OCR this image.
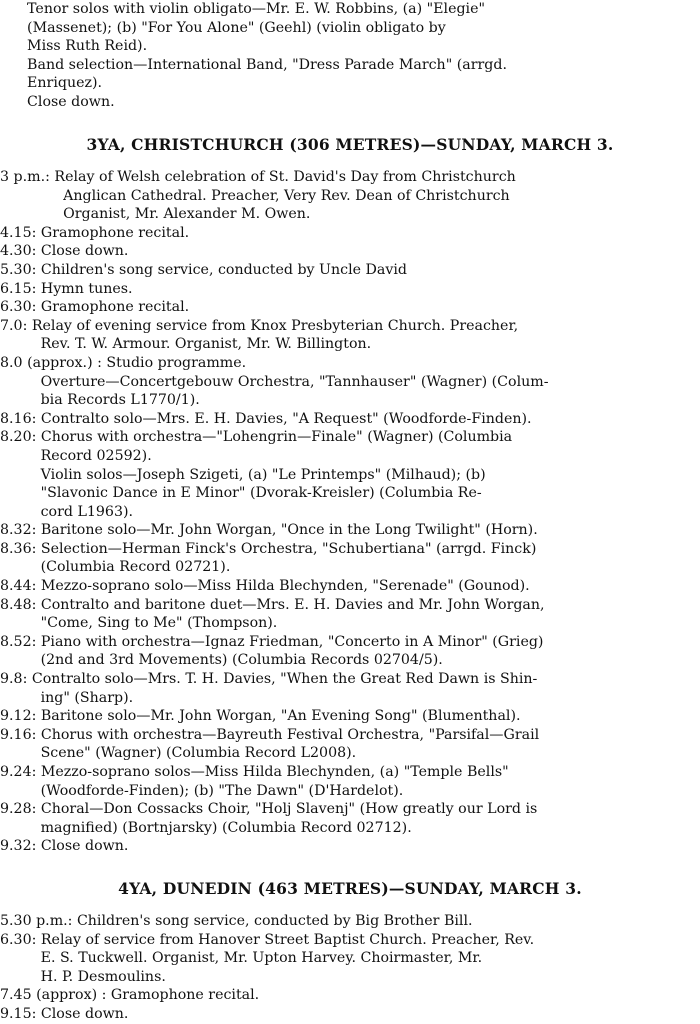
Tenor solos with violin obligato—Mr. E. W. Robbins, (a) "Elegie"
(Massenet); (b) "For You Alone" (Geehl) (violin obligato by
Miss Ruth Reid).
Band selection—International Band, "Dress Parade March" (arrgd.
Enriquez).
Close down.
3YA, CHRISTCHURCH (306 METRES)—SUNDAY, MARCH 3.
3 p.m.: Relay of Welsh celebration of St. David's Day from Christchurch
Anglican Cathedral. Preacher, Very Rev. Dean of Christchurch
Organist, Mr. Alexander M. Owen.
4.15: Gramophone recital.
4.30: Close down.
5.30: Children's song service, conducted by Uncle David
6.15: Hymn tunes.
6.30: Gramophone recital.
7.0: Relay of evening service from Knox Presbyterian Church. Preacher,
Rev. T. W. Armour. Organist, Mr. W. Billington.
8.0 (approx.) : Studio programme.
Overture—Concertgebouw Orchestra, "Tannhauser" (Wagner) (Colum-
bia Records L1770/1).
8.16: Contralto solo—Mrs. E. H. Davies, "A Request" (Woodforde-Finden).
8.20: Chorus with orchestra—"Lohengrin—Finale" (Wagner) (Columbia
Record 02592).
Violin solos—Joseph Szigeti, (a) "Le Printemps" (Milhaud); (b)
"Slavonic Dance in E Minor" (Dvorak-Kreisler) (Columbia Re-
cord L1963).
8.32: Baritone solo—Mr. John Worgan, "Once in the Long Twilight" (Horn).
8.36: Selection—Herman Finck's Orchestra, "Schubertiana" (arrgd. Finck)
(Columbia Record 02721).
8.44: Mezzo-soprano solo—Miss Hilda Blechynden, "Serenade" (Gounod).
8.48: Contralto and baritone duet—Mrs. E. H. Davies and Mr. John Worgan,
"Come, Sing to Me" (Thompson).
8.52: Piano with orchestra—Ignaz Friedman, "Concerto in A Minor" (Grieg)
(2nd and 3rd Movements) (Columbia Records 02704/5).
9.8: Contralto solo—Mrs. T. H. Davies, "When the Great Red Dawn is Shin-
ing" (Sharp).
9.12: Baritone solo—Mr. John Worgan, "An Evening Song" (Blumenthal).
9.16: Chorus with orchestra—Bayreuth Festival Orchestra, "Parsifal—Grail
Scene" (Wagner) (Columbia Record L2008).
9.24: Mezzo-soprano solos—Miss Hilda Blechynden, (a) "Temple Bells"
(Woodforde-Finden); (b) "The Dawn" (D'Hardelot).
9.28: Choral—Don Cossacks Choir, "Holj Slavenj" (How greatly our Lord is
magnified) (Bortnjarsky) (Columbia Record 02712).
9.32: Close down.
4YA, DUNEDIN (463 METRES)—SUNDAY, MARCH 3.
5.30 p.m.: Children's song service, conducted by Big Brother Bill.
6.30: Relay of service from Hanover Street Baptist Church. Preacher, Rev.
E. S. Tuckwell. Organist, Mr. Upton Harvey. Choirmaster, Mr.
H. P. Desmoulins.
7.45 (approx) : Gramophone recital.
9.15: Close down.
